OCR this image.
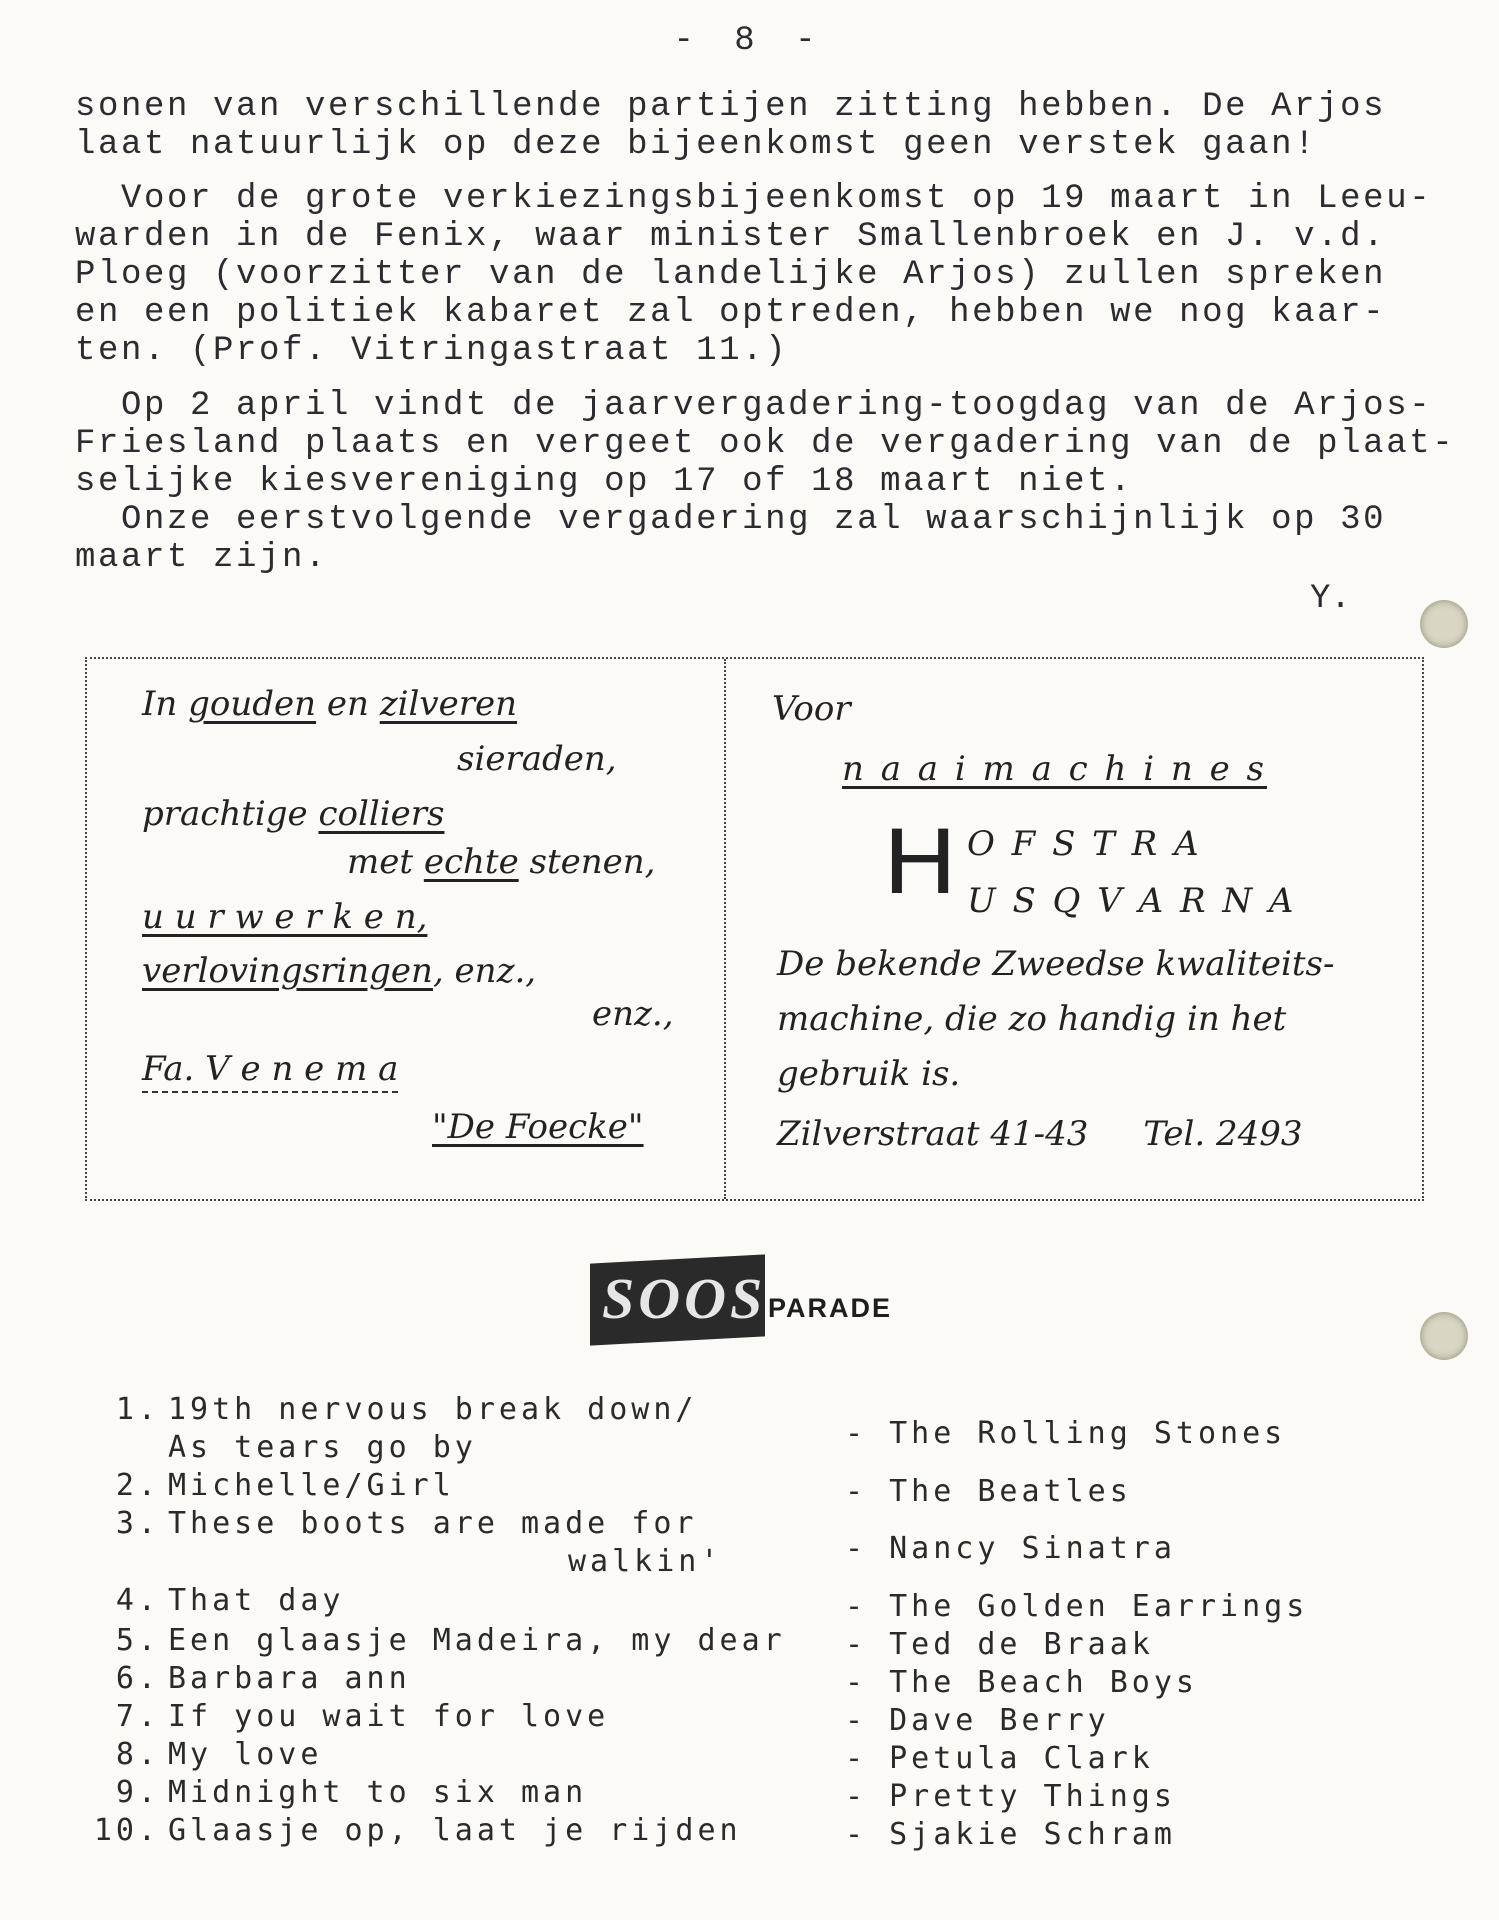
- 8 -
sonen van verschillende partijen zitting hebben. De Arjos
laat natuurlijk op deze bijeenkomst geen verstek gaan!
Voor de grote verkiezingsbijeenkomst op 19 maart in Leeu-
warden in de Fenix, waar minister Smallenbroek en J. v.d.
Ploeg (voorzitter van de landelijke Arjos) zullen spreken
en een politiek kabaret zal optreden, hebben we nog kaar-
ten. (Prof. Vitringastraat 11.)
Op 2 april vindt de jaarvergadering-toogdag van de Arjos-
Friesland plaats en vergeet ook de vergadering van de plaat-
selijke kiesvereniging op 17 of 18 maart niet.
Onze eerstvolgende vergadering zal waarschijnlijk op 30
maart zijn.
Y.
In gouden en zilveren
sieraden,
prachtige colliers
met echte stenen,
u u r w e r k e n,
verlovingsringen, enz.,
enz.,
Fa. V e n e m a
"De Foecke"
Voor
n a a i m a c h i n e s
H O F S T R A
U S Q V A R N A
De bekende Zweedse kwaliteits-
machine, die zo handig in het
gebruik is.
Zilverstraat 41-43 Tel. 2493
SOOS PARADE
1. 19th nervous break down/
As tears go by	- The Rolling Stones
2. Michelle/Girl	- The Beatles
3. These boots are made for
walkin'	- Nancy Sinatra
4. That day	- The Golden Earrings
5. Een glaasje Madeira, my dear - Ted de Braak
6. Barbara ann	- The Beach Boys
7. If you wait for love	- Dave Berry
8. My love	- Petula Clark
9. Midnight to six man	- Pretty Things
10. Glaasje op, laat je rijden	- Sjakie Schram
